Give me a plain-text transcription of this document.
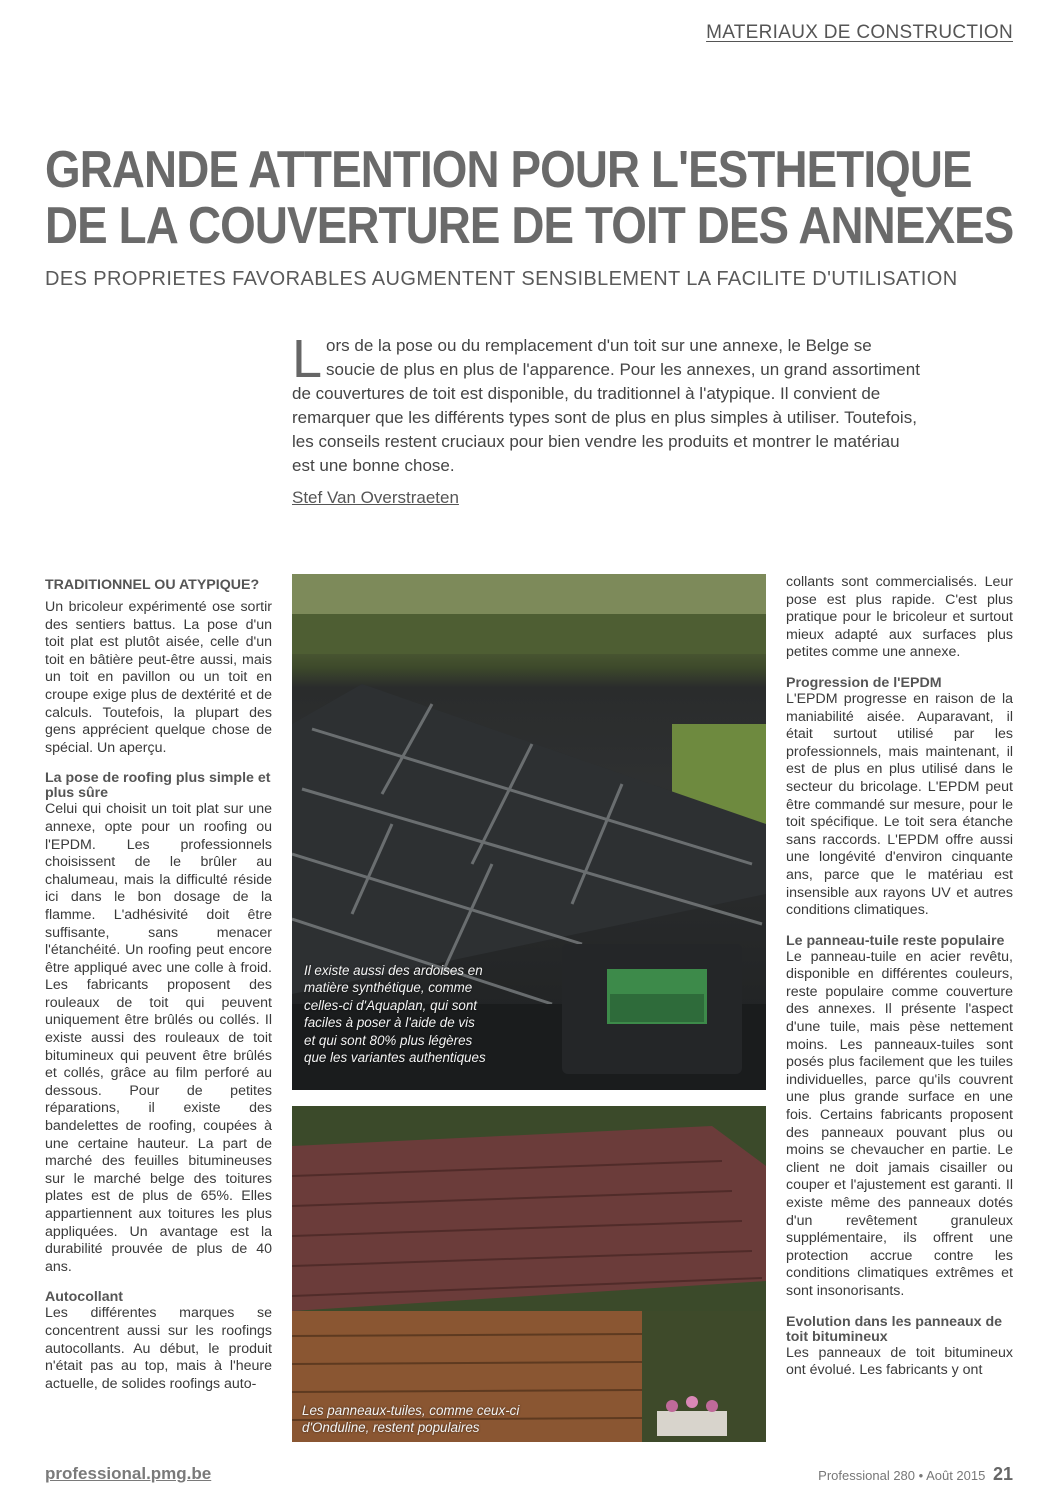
MATERIAUX DE CONSTRUCTION
GRANDE ATTENTION POUR L'ESTHETIQUE
DE LA COUVERTURE DE TOIT DES ANNEXES
DES PROPRIETES FAVORABLES AUGMENTENT SENSIBLEMENT LA FACILITE D'UTILISATION

L ors de la pose ou du remplacement d'un toit sur une annexe, le Belge se soucie de plus en plus de l'apparence. Pour les annexes, un grand assortiment de couvertures de toit est disponible, du traditionnel à l'atypique. Il convient de remarquer que les différents types sont de plus en plus simples à utiliser. Toutefois, les conseils restent cruciaux pour bien vendre les produits et montrer le matériau est une bonne chose.

Stef Van Overstraeten
TRADITIONNEL OU ATYPIQUE?

Un bricoleur expérimenté ose sortir des sentiers battus. La pose d'un toit plat est plutôt aisée, celle d'un toit en bâtière peut-être aussi, mais un toit en pavillon ou un toit en croupe exige plus de dextérité et de calculs. Toutefois, la plupart des gens apprécient quelque chose de spécial. Un aperçu.

La pose de roofing plus simple et plus sûre

Celui qui choisit un toit plat sur une annexe, opte pour un roofing ou l'EPDM. Les professionnels choisissent de le brûler au chalumeau, mais la difficulté réside ici dans le bon dosage de la flamme. L'adhésivité doit être suffisante, sans menacer l'étanchéité. Un roofing peut encore être appliqué avec une colle à froid. Les fabricants proposent des rouleaux de toit qui peuvent uniquement être brûlés ou collés. Il existe aussi des rouleaux de toit bitumineux qui peuvent être brûlés et collés, grâce au film perforé au dessous. Pour de petites réparations, il existe des bandelettes de roofing, coupées à une certaine hauteur. La part de marché des feuilles bitumineuses sur le marché belge des toitures plates est de plus de 65%. Elles appartiennent aux toitures les plus appliquées. Un avantage est la durabilité prouvée de plus de 40 ans.

Autocollant

Les différentes marques se concentrent aussi sur les roofings autocollants. Au début, le produit n'était pas au top, mais à l'heure actuelle, de solides roofings auto-

Il existe aussi des ardoises en matière synthétique, comme celles-ci d'Aquaplan, qui sont faciles à poser à l'aide de vis et qui sont 80% plus légères que les variantes authentiques
Les panneaux-tuiles, comme ceux-ci d'Onduline, restent populaires

collants sont commercialisés. Leur pose est plus rapide. C'est plus pratique pour le bricoleur et surtout mieux adapté aux surfaces plus petites comme une annexe.

Progression de l'EPDM

L'EPDM progresse en raison de la maniabilité aisée. Auparavant, il était surtout utilisé par les professionnels, mais maintenant, il est de plus en plus utilisé dans le secteur du bricolage. L'EPDM peut être commandé sur mesure, pour le toit spécifique. Le toit sera étanche sans raccords. L'EPDM offre aussi une longévité d'environ cinquante ans, parce que le matériau est insensible aux rayons UV et autres conditions climatiques.

Le panneau-tuile reste populaire

Le panneau-tuile en acier revêtu, disponible en différentes couleurs, reste populaire comme couverture des annexes. Il présente l'aspect d'une tuile, mais pèse nettement moins. Les panneaux-tuiles sont posés plus facilement que les tuiles individuelles, parce qu'ils couvrent une plus grande surface en une fois. Certains fabricants proposent des panneaux pouvant plus ou moins se chevaucher en partie. Le client ne doit jamais cisailler ou couper et l'ajustement est garanti. Il existe même des panneaux dotés d'un revêtement granuleux supplémentaire, ils offrent une protection accrue contre les conditions climatiques extrêmes et sont insonorisants.

Evolution dans les panneaux de toit bitumineux

Les panneaux de toit bitumineux ont évolué. Les fabricants y ont

professional.pmg.be	Professional 280 • Août 2015 21
